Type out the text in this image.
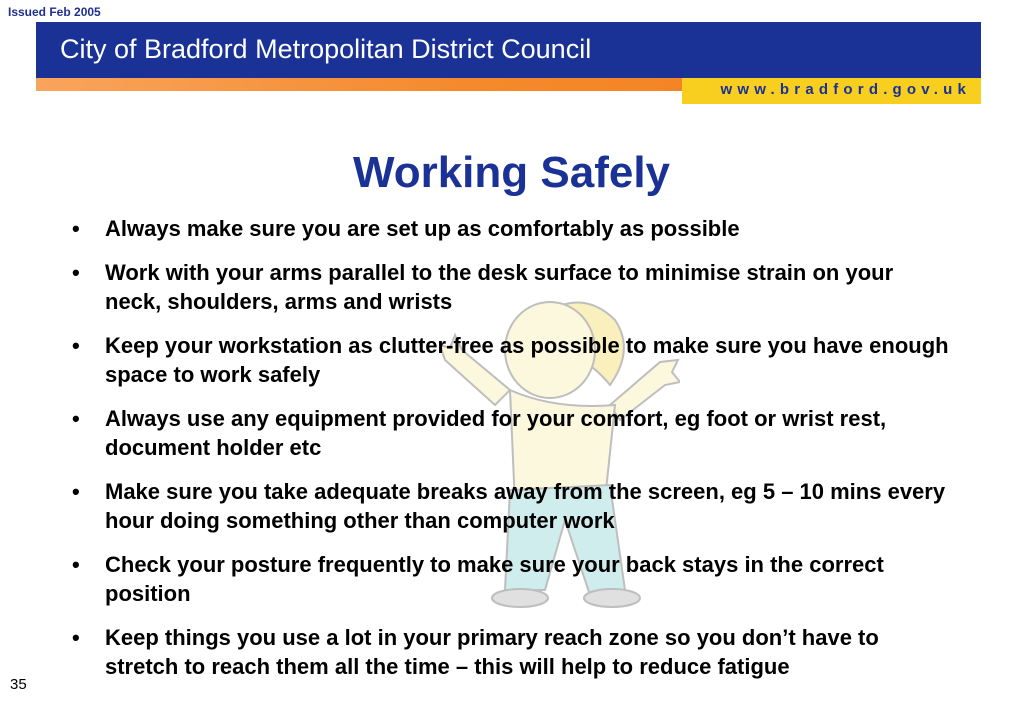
Issued Feb 2005
City of Bradford Metropolitan District Council
www.bradford.gov.uk
Working Safely
• Always make sure you are set up as comfortably as possible
• Work with your arms parallel to the desk surface to minimise strain on your neck, shoulders, arms and wrists
• Keep your workstation as clutter-free as possible to make sure you have enough space to work safely
• Always use any equipment provided for your comfort, eg foot or wrist rest, document holder etc
• Make sure you take adequate breaks away from the screen, eg 5 – 10 mins every hour doing something other than computer work
• Check your posture frequently to make sure your back stays in the correct position
• Keep things you use a lot in your primary reach zone so you don’t have to stretch to reach them all the time – this will help to reduce fatigue
35
